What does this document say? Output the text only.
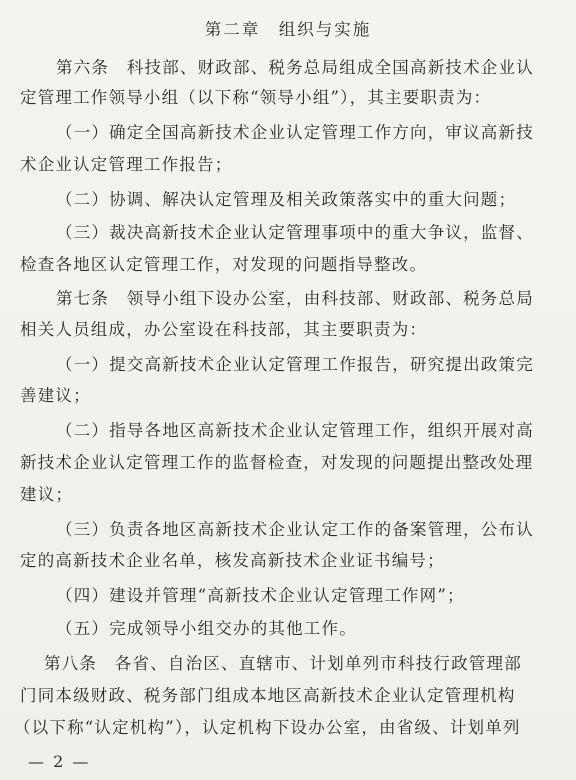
第二章　组织与实施
第六条　科技部、财政部、税务总局组成全国高新技术企业认
定管理工作领导小组（以下称“领导小组”），其主要职责为：
（一）确定全国高新技术企业认定管理工作方向，审议高新技
术企业认定管理工作报告；
（二）协调、解决认定管理及相关政策落实中的重大问题；
（三）裁决高新技术企业认定管理事项中的重大争议，监督、
检查各地区认定管理工作，对发现的问题指导整改。
第七条　领导小组下设办公室，由科技部、财政部、税务总局
相关人员组成，办公室设在科技部，其主要职责为：
（一）提交高新技术企业认定管理工作报告，研究提出政策完
善建议；
（二）指导各地区高新技术企业认定管理工作，组织开展对高
新技术企业认定管理工作的监督检查，对发现的问题提出整改处理
建议；
（三）负责各地区高新技术企业认定工作的备案管理，公布认
定的高新技术企业名单，核发高新技术企业证书编号；
（四）建设并管理“高新技术企业认定管理工作网”；
（五）完成领导小组交办的其他工作。
第八条　各省、自治区、直辖市、计划单列市科技行政管理部
门同本级财政、税务部门组成本地区高新技术企业认定管理机构
（以下称“认定机构”），认定机构下设办公室，由省级、计划单列
— 2 —
